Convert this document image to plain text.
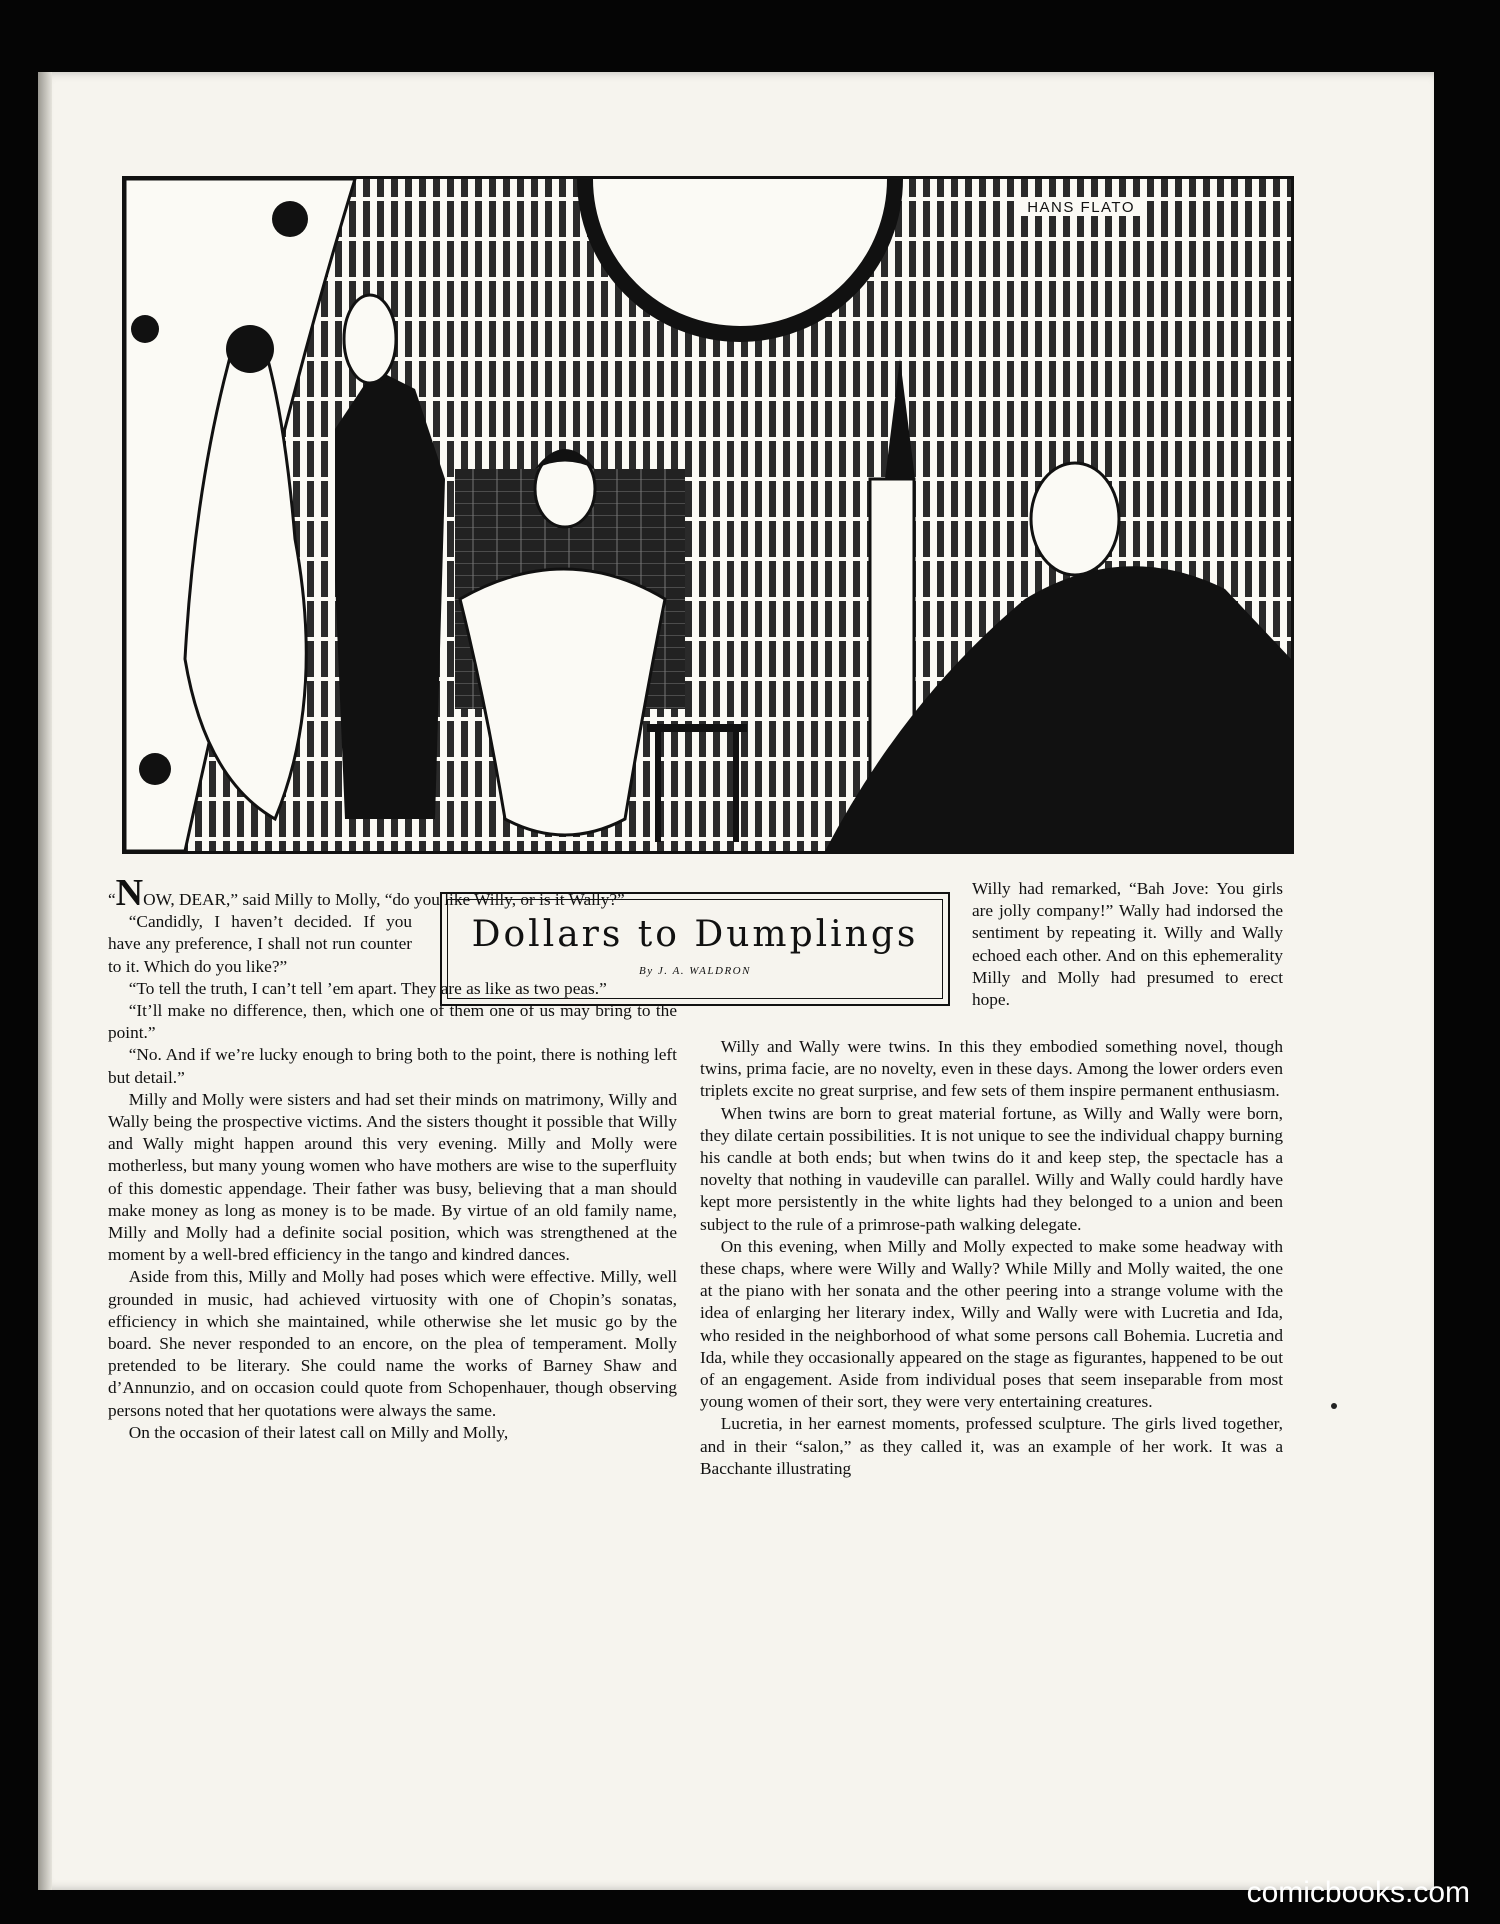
HANS FLATO

“NOW, DEAR,” said Milly to Molly, “do you like Willy, or is it Wally?”

“Candidly, I haven’t decided. If you have any preference, I shall not run counter to it. Which do you like?”

“To tell the truth, I can’t tell ’em apart. They are as like as two peas.”

“It’ll make no difference, then, which one of them one of us may bring to the point.”

“No. And if we’re lucky enough to bring both to the point, there is nothing left but detail.”

Milly and Molly were sisters and had set their minds on matrimony, Willy and Wally being the prospective victims. And the sisters thought it possible that Willy and Wally might happen around this very evening. Milly and Molly were motherless, but many young women who have mothers are wise to the superfluity of this domestic appendage. Their father was busy, believing that a man should make money as long as money is to be made. By virtue of an old family name, Milly and Molly had a definite social position, which was strengthened at the moment by a well-bred efficiency in the tango and kindred dances.

Aside from this, Milly and Molly had poses which were effective. Milly, well grounded in music, had achieved virtuosity with one of Chopin’s sonatas, efficiency in which she maintained, while otherwise she let music go by the board. She never responded to an encore, on the plea of temperament. Molly pretended to be literary. She could name the works of Barney Shaw and d’Annunzio, and on occasion could quote from Schopenhauer, though observing persons noted that her quotations were always the same.

On the occasion of their latest call on Milly and Molly,

Dollars to Dumplings
By J. A. WALDRON

Willy had remarked, “Bah Jove: You girls are jolly company!” Wally had indorsed the sentiment by repeating it. Willy and Wally echoed each other. And on this ephemerality Milly and Molly had presumed to erect hope.

Willy and Wally were twins. In this they embodied something novel, though twins, prima facie, are no novelty, even in these days. Among the lower orders even triplets excite no great surprise, and few sets of them inspire permanent enthusiasm.

When twins are born to great material fortune, as Willy and Wally were born, they dilate certain possibilities. It is not unique to see the individual chappy burning his candle at both ends; but when twins do it and keep step, the spectacle has a novelty that nothing in vaudeville can parallel. Willy and Wally could hardly have kept more persistently in the white lights had they belonged to a union and been subject to the rule of a primrose-path walking delegate.

On this evening, when Milly and Molly expected to make some headway with these chaps, where were Willy and Wally? While Milly and Molly waited, the one at the piano with her sonata and the other peering into a strange volume with the idea of enlarging her literary index, Willy and Wally were with Lucretia and Ida, who resided in the neighborhood of what some persons call Bohemia. Lucretia and Ida, while they occasionally appeared on the stage as figurantes, happened to be out of an engagement. Aside from individual poses that seem inseparable from most young women of their sort, they were very entertaining creatures.

Lucretia, in her earnest moments, professed sculpture. The girls lived together, and in their “salon,” as they called it, was an example of her work. It was a Bacchante illustrating

comicbooks.com
